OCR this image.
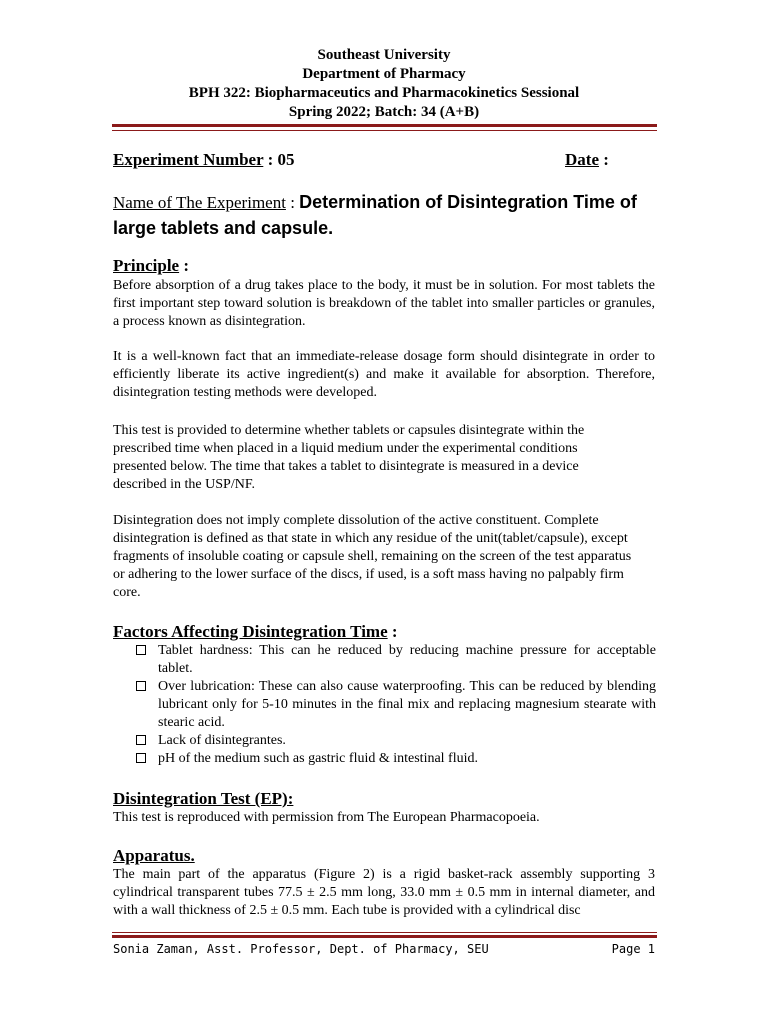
Southeast University
Department of Pharmacy
BPH 322: Biopharmaceutics and Pharmacokinetics Sessional
Spring 2022; Batch: 34 (A+B)
Experiment Number : 05	Date :
Name of The Experiment : Determination of Disintegration Time of large tablets and capsule.
Principle :
Before absorption of a drug takes place to the body, it must be in solution. For most tablets the first important step toward solution is breakdown of the tablet into smaller particles or granules, a process known as disintegration.
It is a well-known fact that an immediate-release dosage form should disintegrate in order to efficiently liberate its active ingredient(s) and make it available for absorption. Therefore, disintegration testing methods were developed.
This test is provided to determine whether tablets or capsules disintegrate within the prescribed time when placed in a liquid medium under the experimental conditions presented below. The time that takes a tablet to disintegrate is measured in a device described in the USP/NF.
Disintegration does not imply complete dissolution of the active constituent. Complete disintegration is defined as that state in which any residue of the unit(tablet/capsule), except fragments of insoluble coating or capsule shell, remaining on the screen of the test apparatus or adhering to the lower surface of the discs, if used, is a soft mass having no palpably firm core.
Factors Affecting Disintegration Time :
Tablet hardness: This can he reduced by reducing machine pressure for acceptable tablet.
Over lubrication: These can also cause waterproofing. This can be reduced by blending lubricant only for 5-10 minutes in the final mix and replacing magnesium stearate with stearic acid.
Lack of disintegrantes.
pH of the medium such as gastric fluid & intestinal fluid.
Disintegration Test (EP):
This test is reproduced with permission from The European Pharmacopoeia.
Apparatus.
The main part of the apparatus (Figure 2) is a rigid basket-rack assembly supporting 3 cylindrical transparent tubes 77.5 ± 2.5 mm long, 33.0 mm ± 0.5 mm in internal diameter, and with a wall thickness of 2.5 ± 0.5 mm. Each tube is provided with a cylindrical disc
Sonia Zaman, Asst. Professor, Dept. of Pharmacy, SEU	Page 1
